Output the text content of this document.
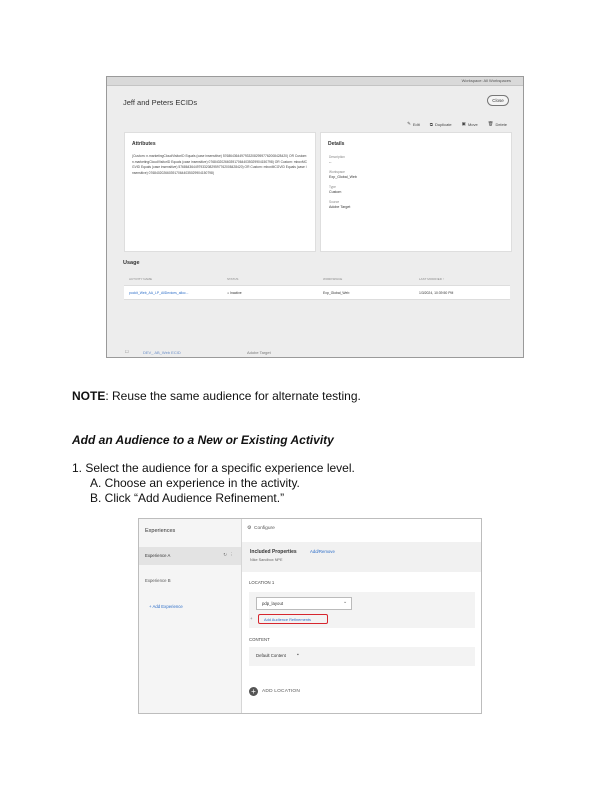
Workspace: All Workspaces
Jeff and Peters ECIDs	Close
✎ Edit ⧉ Duplicate ▣ Move 🗑 Delete
Attributes
(Custom: n.marketingCloudVisitorID Equals (case insensitive) 57686436449793320829597762008428420) OR Custom: n.marketingCloudVisitorID Equals (case insensitive) 07684020266039170644035029904150798) OR Custom: mboxMCGVID Equals (case insensitive) 57686436449793320829597762008428420) OR Custom: mboxMCGVID Equals (case insensitive) 07684020266039170644035029904150798)
Details
Description
--
Workspace
Exp_Global_Web
Type
Custom
Source
Adobe Target
Usage
ACTIVITY NAME	STATUS	WORKSPACE	LAST MODIFIED ↑
pockit_Web_AA_LP_AllDevices_alloc...	● Inactive	Exp_Global_Web	1/3/2024, 10:39:50 PM
☐	DEV_ AB_Web ECID	Adobe Target
NOTE: Reuse the same audience for alternate testing.
Add an Audience to a New or Existing Activity
1. Select the audience for a specific experience level.
A. Choose an experience in the activity.
B. Click “Add Audience Refinement.”
Experiences
Experience A	↻  ⋮
Experience B
+ Add Experience
⚙ Configure
Included Properties	Add/Remove
Nike Sandbox NPE
LOCATION 1
pdp_layout	⌄
+	Add Audience Refinements
CONTENT
Default Content ▪
+	ADD LOCATION
